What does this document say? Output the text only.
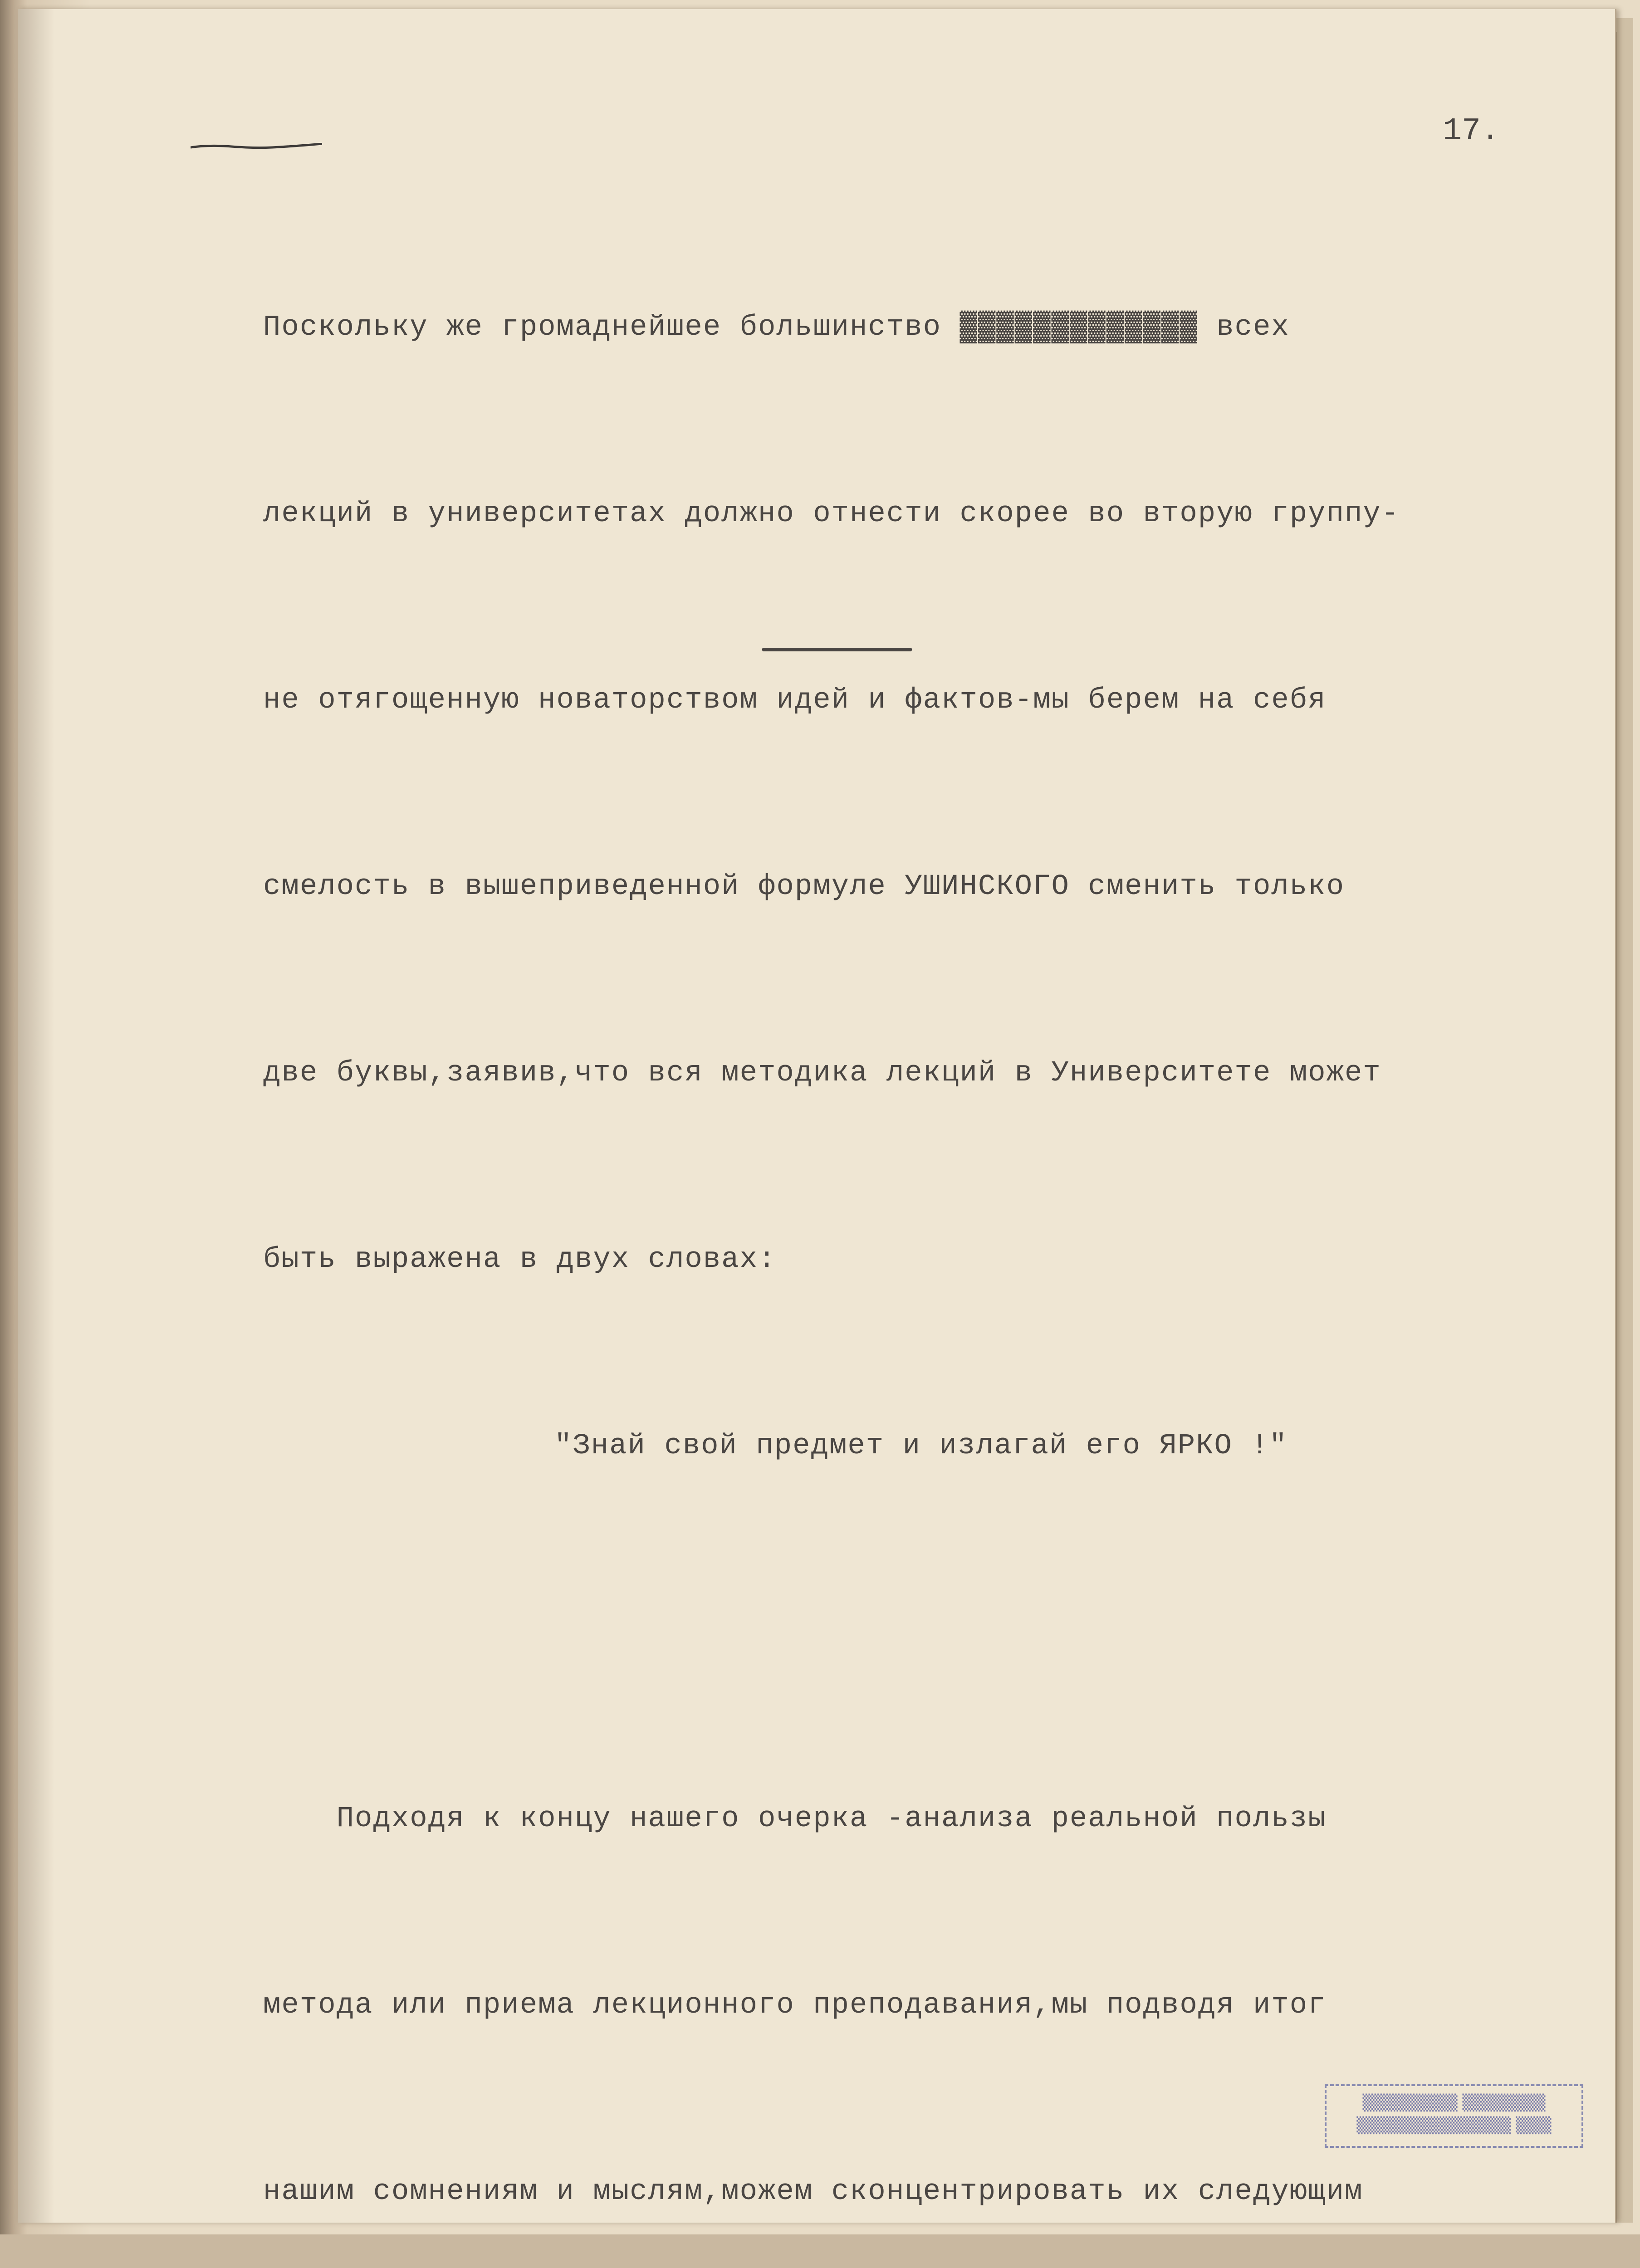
17.

Поскольку же громаднейшее большинство ▓▓▓▓▓▓▓▓▓▓▓▓▓ всех

лекций в университетах должно отнести скорее во вторую группу-

не отягощенную новаторством идей и фактов-мы берем на себя

смелость в вышеприведенной формуле УШИНСКОГО сменить только

две буквы,заявив,что вся методика лекций в Университете может

быть выражена в двух словах:

"Знай свой предмет и излагай его ЯРКО !"

Подходя к концу нашего очерка -анализа реальной пользы

метода или приема лекционного преподавания,мы подводя итог

нашим сомнениям и мыслям,можем сконцентрировать их следующим

▒▒▒▒▒▒▒▒ ▒▒▒▒▒▒▒
▒▒▒▒▒▒▒▒▒▒▒▒▒ ▒▒▒
